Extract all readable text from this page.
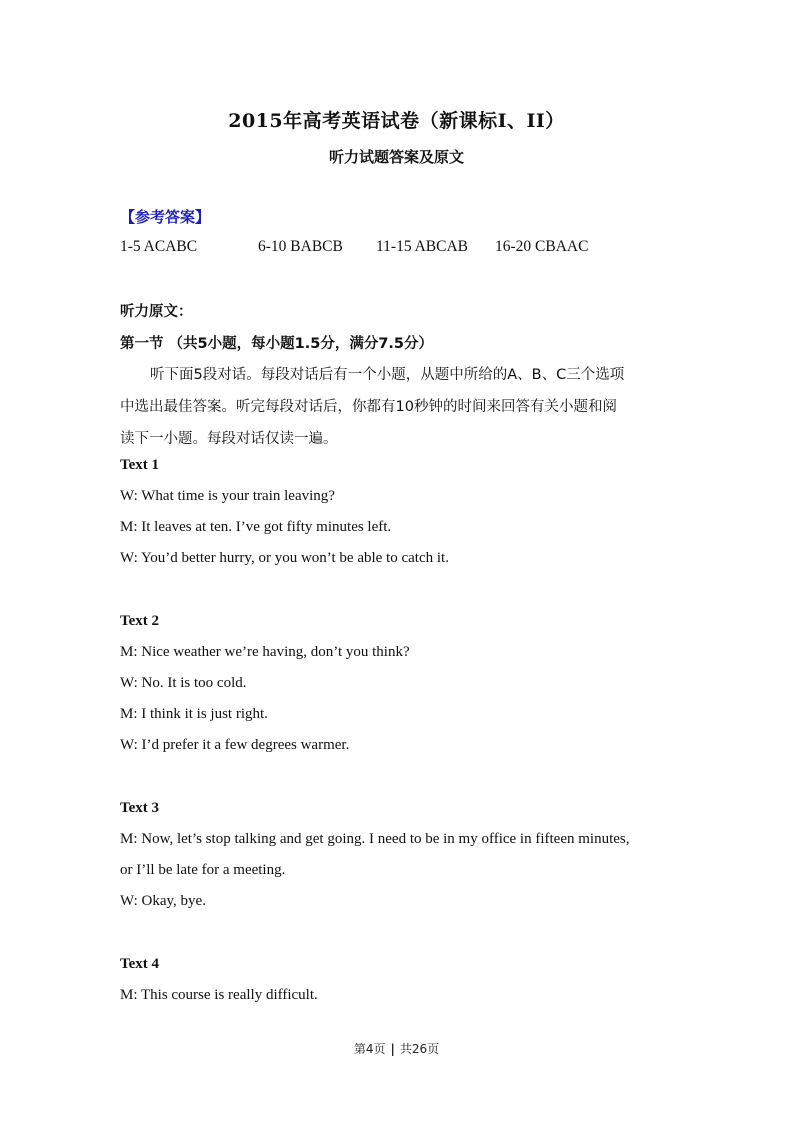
2015年高考英语试卷（新课标I、II）
听力试题答案及原文
【参考答案】
1-5 ACABC	6-10 BABCB 11-15 ABCAB 16-20 CBAAC
听力原文：
第一节 （共5小题，每小题1.5分，满分7.5分）
听下面5段对话。每段对话后有一个小题，从题中所给的A、B、C三个选项
中选出最佳答案。听完每段对话后，你都有10秒钟的时间来回答有关小题和阅
读下一小题。每段对话仅读一遍。
Text 1
W: What time is your train leaving?
M: It leaves at ten. I’ve got fifty minutes left.
W: You’d better hurry, or you won’t be able to catch it.
Text 2
M: Nice weather we’re having, don’t you think?
W: No. It is too cold.
M: I think it is just right.
W: I’d prefer it a few degrees warmer.
Text 3
M: Now, let’s stop talking and get going. I need to be in my office in fifteen minutes,
or I’ll be late for a meeting.
W: Okay, bye.
Text 4
M: This course is really difficult.
第4页 | 共26页
